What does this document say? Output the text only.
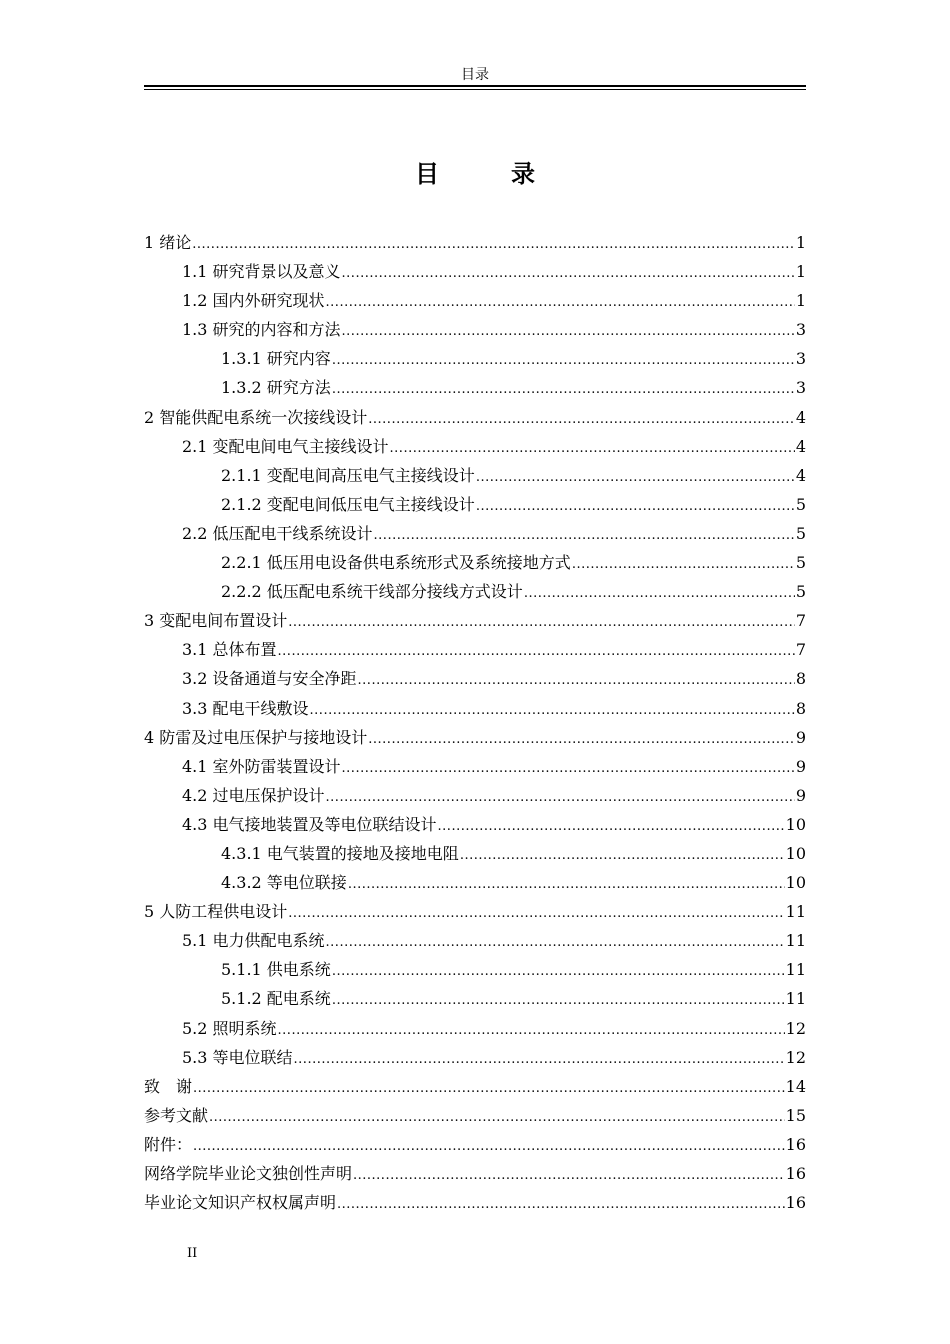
目录
目　录
1 绪论 .....	1
1.1 研究背景以及意义 .....	1
1.2 国内外研究现状 .....	1
1.3 研究的内容和方法 .....	3
1.3.1 研究内容 .....	3
1.3.2 研究方法 .....	3
2 智能供配电系统一次接线设计 .....	4
2.1 变配电间电气主接线设计 .....	4
2.1.1 变配电间高压电气主接线设计 .....	4
2.1.2 变配电间低压电气主接线设计 .....	5
2.2 低压配电干线系统设计 .....	5
2.2.1 低压用电设备供电系统形式及系统接地方式 .....	5
2.2.2 低压配电系统干线部分接线方式设计 .....	5
3 变配电间布置设计 .....	7
3.1 总体布置 .....	7
3.2 设备通道与安全净距 .....	8
3.3 配电干线敷设 .....	8
4 防雷及过电压保护与接地设计 .....	9
4.1 室外防雷装置设计 .....	9
4.2 过电压保护设计 .....	9
4.3 电气接地装置及等电位联结设计 .....	10
4.3.1 电气装置的接地及接地电阻 .....	10
4.3.2 等电位联接 .....	10
5 人防工程供电设计 .....	11
5.1 电力供配电系统 .....	11
5.1.1 供电系统 .....	11
5.1.2 配电系统 .....	11
5.2 照明系统 .....	12
5.3 等电位联结 .....	12
致　谢 .....	14
参考文献 .....	15
附件： .....	16
网络学院毕业论文独创性声明 .....	16
毕业论文知识产权权属声明 .....	16
II
